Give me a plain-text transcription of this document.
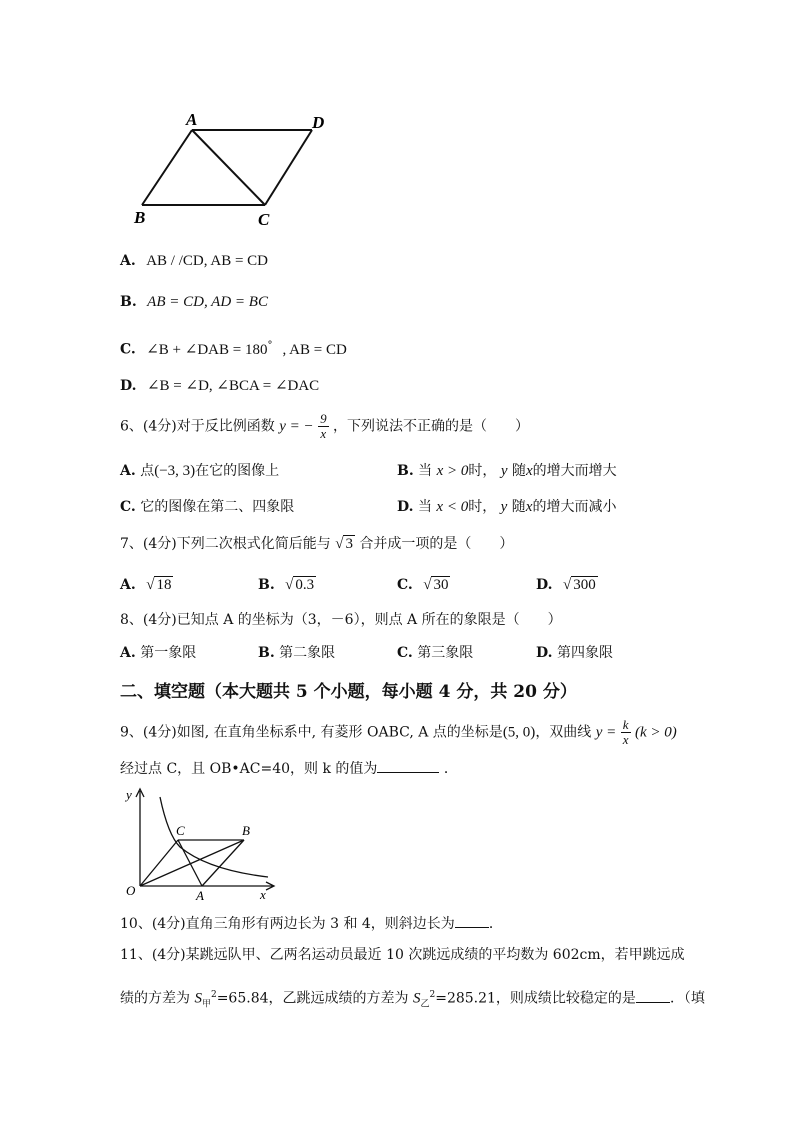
A	D
B	C
A. AB / /CD, AB = CD
B. AB = CD, AD = BC
C. ∠B + ∠DAB = 180° , AB = CD
D. ∠B = ∠D, ∠BCA = ∠DAC
6、(4分)对于反比例函数 y = − $\frac{9}{x}$ ，下列说法不正确的是（　　）
A. 点(−3, 3)在它的图像上	B. 当 x > 0时， y 随x的增大而增大
C. 它的图像在第二、四象限	D. 当 x < 0时， y 随x的增大而减小
7、(4分)下列二次根式化简后能与 √ 3 合并成一项的是（　　）
A. √ 18	B. √ 0.3	C. √ 30	D. √ 300
8、(4分)已知点 A 的坐标为（3，－6），则点 A 所在的象限是（　　）
A. 第一象限	B. 第二象限	C. 第三象限	D. 第四象限
二、填空题（本大题共 5 个小题，每小题 4 分，共 20 分）
9、(4分)如图, 在直角坐标系中, 有菱形 OABC, A 点的坐标是(5, 0)，双曲线 $y = \frac{k}{x} (k > 0)$
经过点 C，且 OB•AC=40，则 k 的值为	．
y
C	B
O	A	x
10、(4分)直角三角形有两边长为 3 和 4，则斜边长为 ．
11、(4分)某跳远队甲、乙两名运动员最近 10 次跳远成绩的平均数为 602cm，若甲跳远成
绩的方差为 $S_甲^2=65.84$，乙跳远成绩的方差为 $S_乙^2=285.21$，则成绩比较稳定的是 ．（填
